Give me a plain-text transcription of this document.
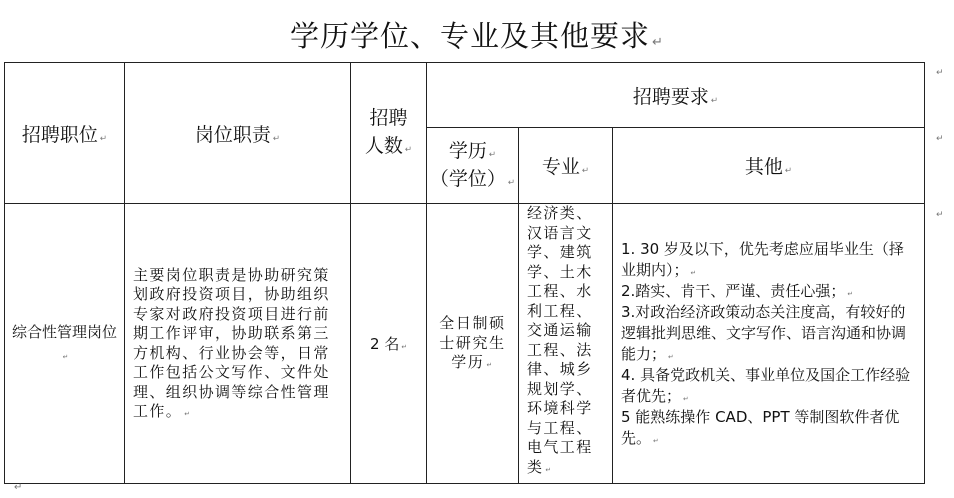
学历学位、专业及其他要求 ↵
招聘职位 ↵	岗位职责 ↵	招聘
人数 ↵	招聘要求 ↵		

			学历 ↵
（学位） ↵	专业 ↵	其他 ↵
综合性管理岗位↵	主要岗位职责是协助研究策划政府投资项目，协助组织专家对政府投资项目进行前期工作评审，协助联系第三方机构、行业协会等，日常工作包括公文写作、文件处理、组织协调等综合性管理工作。 ↵	2 名 ↵	全日制硕士研究生学历 ↵	经济类、汉语言文学、建筑学、土木工程、水利工程、交通运输工程、法律、城乡规划学、环境科学与工程、电气工程类 ↵	1. 30 岁及以下，优先考虑应届毕业生（择业期内）； ↵
2.踏实、肯干、严谨、责任心强； ↵
3.对政治经济政策动态关注度高，有较好的逻辑批判思维、文字写作、语言沟通和协调能力； ↵
4. 具备党政机关、事业单位及国企工作经验者优先； ↵
5 能熟练操作 CAD、PPT 等制图软件者优先。 ↵
↵
↵
↵
↵
